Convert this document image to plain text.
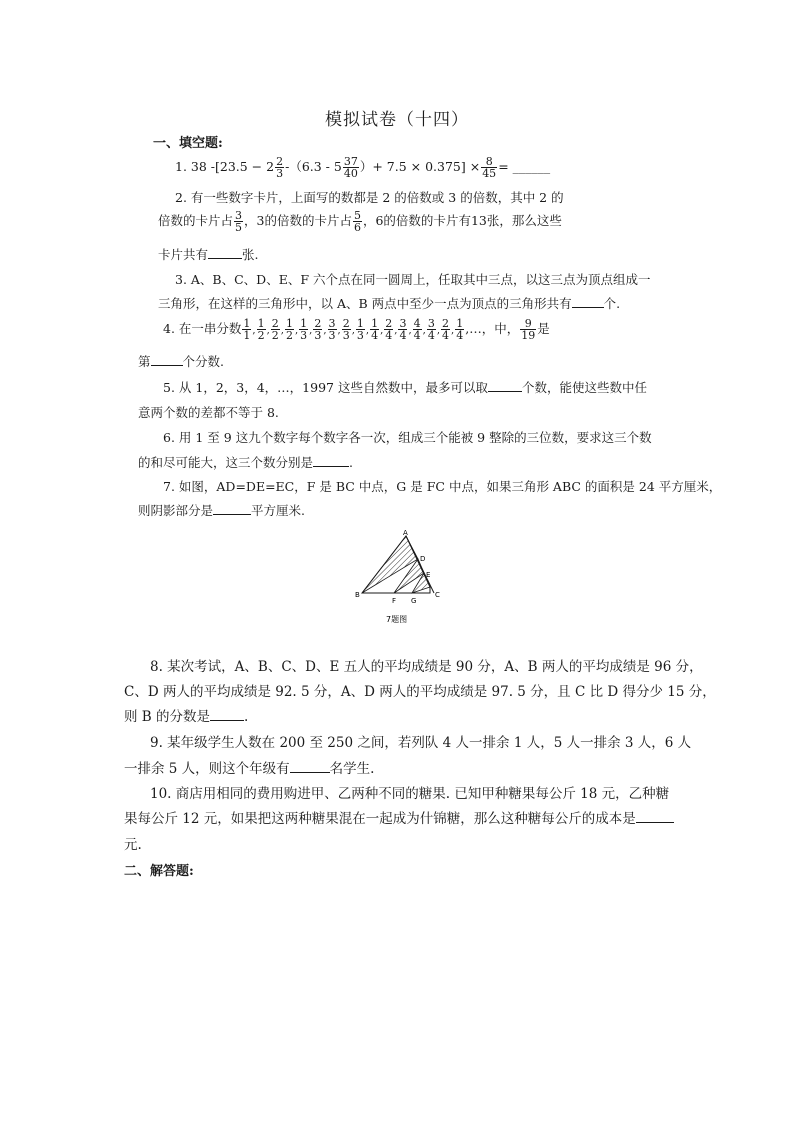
模拟试卷（十四）
一、填空题:
1. 38 $-[23.5 - 2 \frac{2}{3} -(6.3 - 5 \frac{37}{40}$ ）+ $7.5 \times 0.375] \times \frac{8}{45}$ = ______
2. 有一些数字卡片，上面写的数都是 2 的倍数或 3 的倍数，其中 2 的
倍数的卡片占 $\frac{3}{5}$ ，3的倍数的卡片占 $\frac{5}{6}$ ，6的倍数的卡片有13张，那么这些
卡片共有	张.
3. A、B、C、D、E、F 六个点在同一圆周上，任取其中三点，以这三点为顶点组成一
三角形，在这样的三角形中，以 A、B 两点中至少一点为顶点的三角形共有	个.
4. 在一串分数 $\frac{1}{1}$ , $\frac{1}{2}$ , $\frac{2}{2}$ , $\frac{1}{2}$ , $\frac{1}{3}$ , $\frac{2}{3}$ , $\frac{3}{3}$ , $\frac{2}{3}$ , $\frac{1}{3}$ , $\frac{1}{4}$ , $\frac{2}{4}$ , $\frac{3}{4}$ , $\frac{4}{4}$ , $\frac{3}{4}$ , $\frac{2}{4}$ , $\frac{1}{4}$ ,…，中， $\frac{9}{19}$ 是
第	个分数.
5. 从 1，2，3，4，…，1997 这些自然数中，最多可以取	个数，能使这些数中任
意两个数的差都不等于 8.
6. 用 1 至 9 这九个数字每个数字各一次，组成三个能被 9 整除的三位数，要求这三个数
的和尽可能大，这三个数分别是	.
7. 如图，AD=DE=EC，F 是 BC 中点，G 是 FC 中点，如果三角形 ABC 的面积是 24 平方厘米，
则阴影部分是	平方厘米.
A
B	C
D
E
F G
7题图
8. 某次考试，A、B、C、D、E 五人的平均成绩是 90 分，A、B 两人的平均成绩是 96 分，
C、D 两人的平均成绩是 92. 5 分，A、D 两人的平均成绩是 97. 5 分，且 C 比 D 得分少 15 分，
则 B 的分数是	.
9. 某年级学生人数在 200 至 250 之间，若列队 4 人一排余 1 人，5 人一排余 3 人，6 人
一排余 5 人，则这个年级有	名学生.
10. 商店用相同的费用购进甲、乙两种不同的糖果. 已知甲种糖果每公斤 18 元，乙种糖
果每公斤 12 元，如果把这两种糖果混在一起成为什锦糖，那么这种糖每公斤的成本是
元.
二、解答题:
